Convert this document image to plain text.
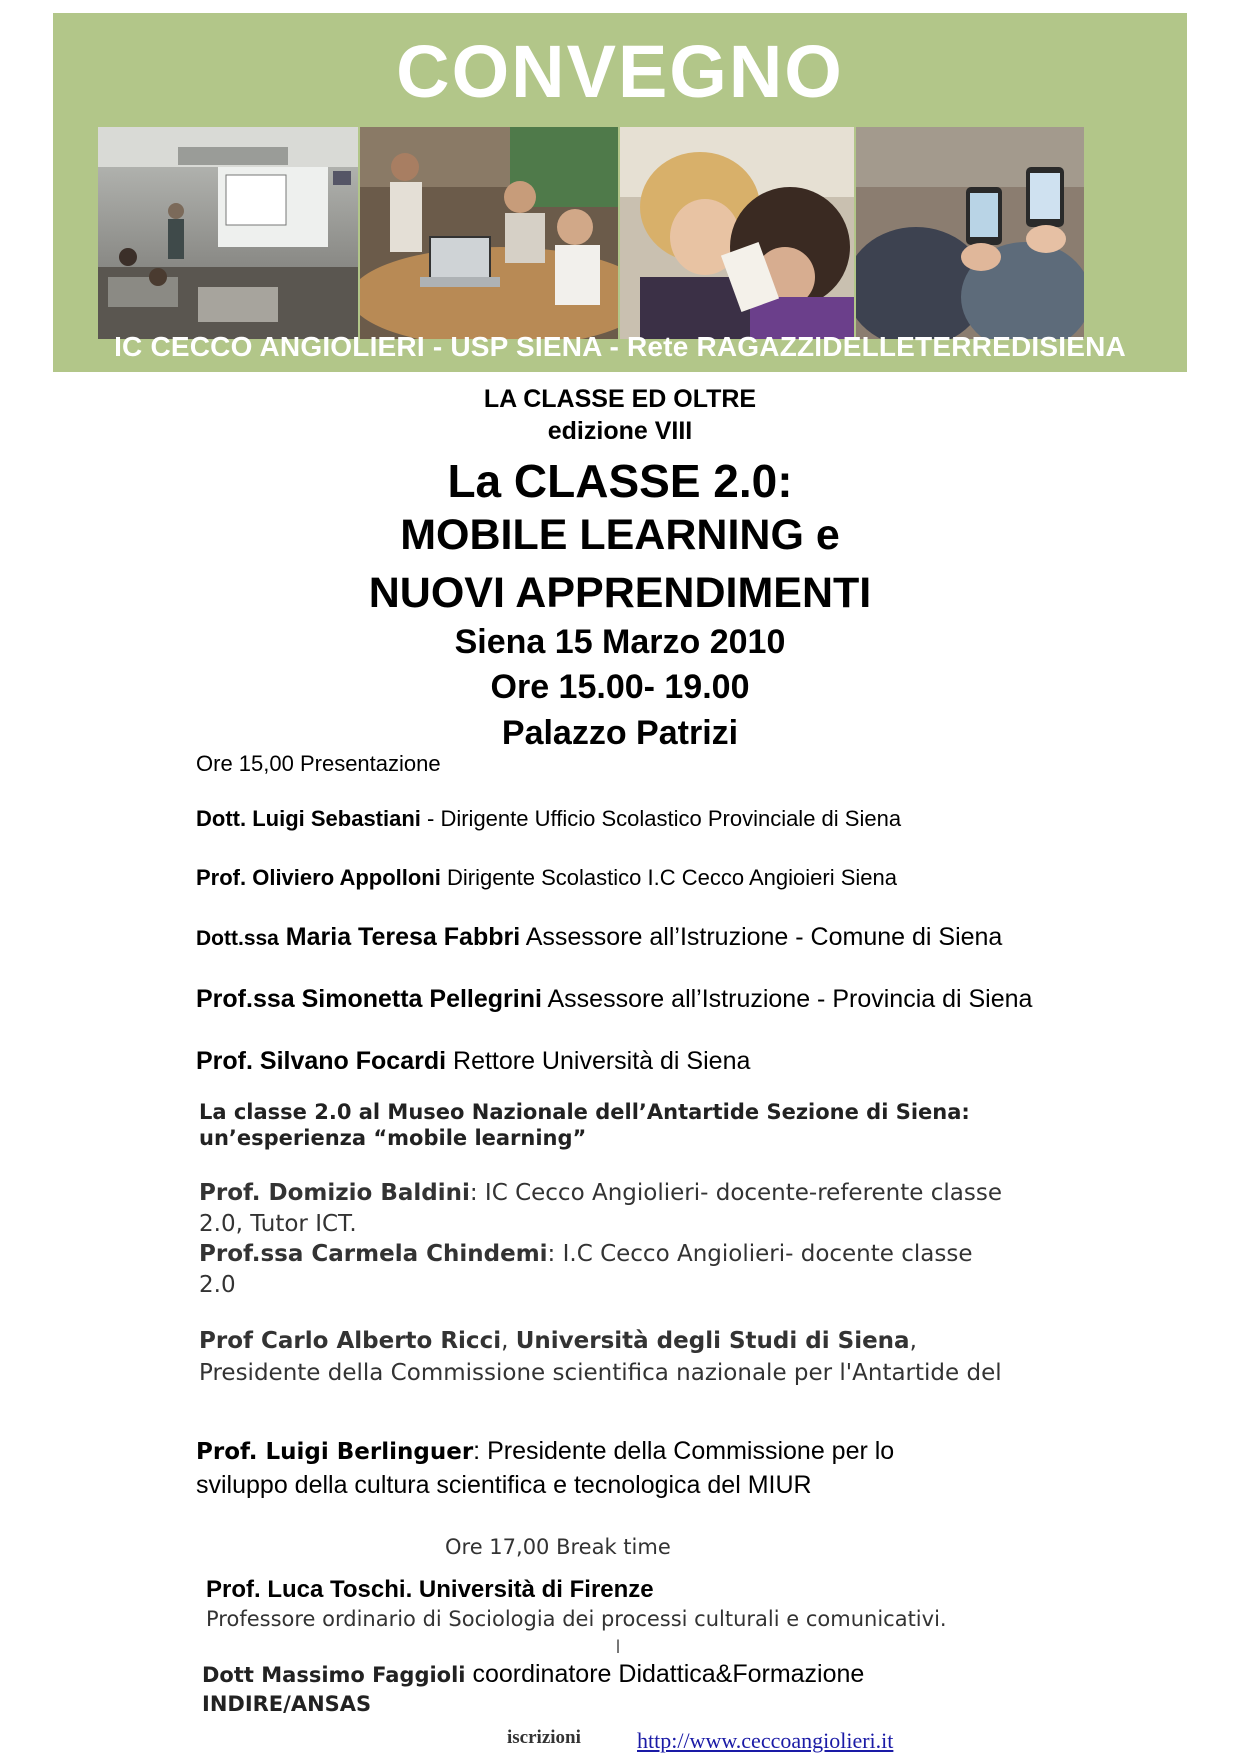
CONVEGNO
IC CECCO ANGIOLIERI - USP SIENA - Rete RAGAZZIDELLETERREDISIENA
LA CLASSE ED OLTRE
edizione VIII
La CLASSE 2.0:
MOBILE LEARNING e
NUOVI APPRENDIMENTI
Siena 15 Marzo 2010
Ore 15.00- 19.00
Palazzo Patrizi
Ore 15,00 Presentazione
Dott. Luigi Sebastiani - Dirigente Ufficio Scolastico Provinciale di Siena
Prof. Oliviero Appolloni Dirigente Scolastico I.C Cecco Angioieri Siena
Dott.ssa Maria Teresa Fabbri Assessore all’Istruzione - Comune di Siena
Prof.ssa Simonetta Pellegrini Assessore all’Istruzione - Provincia di Siena
Prof. Silvano Focardi Rettore Università di Siena
La classe 2.0 al Museo Nazionale dell’Antartide Sezione di Siena:
un’esperienza “mobile learning”
Prof. Domizio Baldini: IC Cecco Angiolieri- docente-referente classe
2.0, Tutor ICT.
Prof.ssa Carmela Chindemi: I.C Cecco Angiolieri- docente classe
2.0
Prof Carlo Alberto Ricci, Università degli Studi di Siena,
Presidente della Commissione scientifica nazionale per l'Antartide del
Prof. Luigi Berlinguer: Presidente della Commissione per lo
sviluppo della cultura scientifica e tecnologica del MIUR
Ore 17,00 Break time
Prof. Luca Toschi. Università di Firenze
Professore ordinario di Sociologia dei processi culturali e comunicativi.
l
Dott Massimo Faggioli coordinatore Didattica&Formazione
INDIRE/ANSAS
iscrizioni	http://www.ceccoangiolieri.it
